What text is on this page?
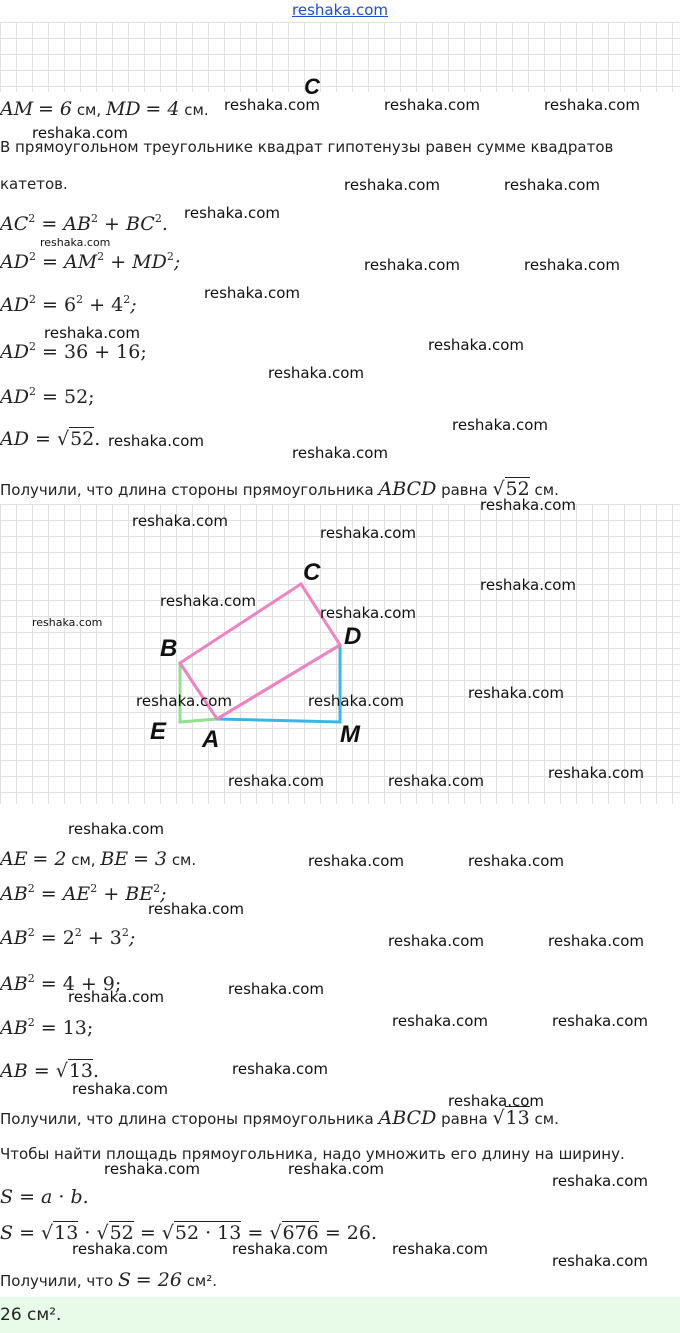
reshaka.com
C
AM = 6 см, MD = 4 см.
В прямоугольном треугольнике квадрат гипотенузы равен сумме квадратов
катетов.
$AC^2 = AB^2 + BC^2$.
$AD^2 = AM^2 + MD^2$;
$AD^2 = 6^2 + 4^2$;
$AD^2 = 36 + 16$;
$AD^2 = 52$;
AD = √52.
Получили, что длина стороны прямоугольника ABCD равна √52 см.
C
D
B
E A	M
AE = 2 см, BE = 3 см.
$AB^2 = AE^2 + BE^2$;
$AB^2 = 2^2 + 3^2$;
$AB^2 = 4 + 9$;
$AB^2 = 13$;
AB = √13.
Получили, что длина стороны прямоугольника ABCD равна √13 см.
Чтобы найти площадь прямоугольника, надо умножить его длину на ширину.
S = a · b.
S = √13 · √52 = √52 · 13 = √676 = 26.
Получили, что S = 26 см².
26 см².
reshaka.com	reshaka.com	reshaka.com
reshaka.com
reshaka.com	reshaka.com
reshaka.com
reshaka.com
reshaka.com	reshaka.com
reshaka.com
reshaka.com
reshaka.com
reshaka.com
reshaka.com
reshaka.com
reshaka.com
reshaka.com
reshaka.com
reshaka.com
reshaka.com
reshaka.com
reshaka.com
reshaka.com
reshaka.com
reshaka.com	reshaka.com
reshaka.com
reshaka.com	reshaka.com
reshaka.com
reshaka.com	reshaka.com
reshaka.com
reshaka.com	reshaka.com
reshaka.com
reshaka.com
reshaka.com	reshaka.com
reshaka.com
reshaka.com
reshaka.com
reshaka.com	reshaka.com
reshaka.com
reshaka.com	reshaka.com	reshaka.com
reshaka.com
